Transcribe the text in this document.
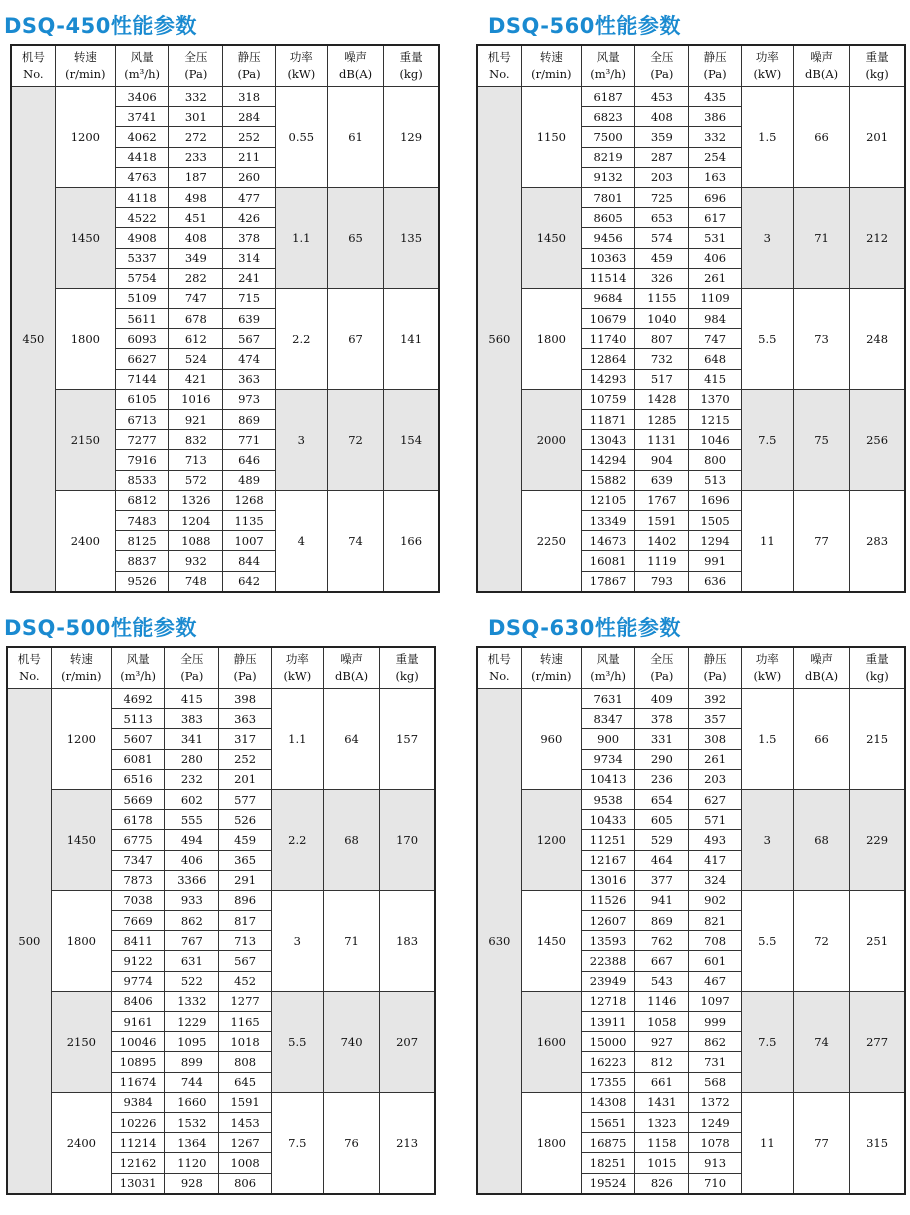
DSQ-450性能参数
机号
No.	转速
(r/min)	风量
(m³/h)	全压
(Pa)	静压
(Pa)	功率
(kW)	噪声
dB(A)	重量
(kg)

450	1200	3406	332	318	0.55	61	129
		3741	301	284			
		4062	272	252			
		4418	233	211			
		4763	187	260			
	1450	4118	498	477	1.1	65	135
		4522	451	426			
		4908	408	378			
		5337	349	314			
		5754	282	241			
	1800	5109	747	715	2.2	67	141
		5611	678	639			
		6093	612	567			
		6627	524	474			
		7144	421	363			
	2150	6105	1016	973	3	72	154
		6713	921	869			
		7277	832	771			
		7916	713	646			
		8533	572	489			
	2400	6812	1326	1268	4	74	166
		7483	1204	1135			
		8125	1088	1007			
		8837	932	844			
		9526	748	642			
DSQ-560性能参数
机号
No.	转速
(r/min)	风量
(m³/h)	全压
(Pa)	静压
(Pa)	功率
(kW)	噪声
dB(A)	重量
(kg)

560	1150	6187	453	435	1.5	66	201
		6823	408	386			
		7500	359	332			
		8219	287	254			
		9132	203	163			
	1450	7801	725	696	3	71	212
		8605	653	617			
		9456	574	531			
		10363	459	406			
		11514	326	261			
	1800	9684	1155	1109	5.5	73	248
		10679	1040	984			
		11740	807	747			
		12864	732	648			
		14293	517	415			
	2000	10759	1428	1370	7.5	75	256
		11871	1285	1215			
		13043	1131	1046			
		14294	904	800			
		15882	639	513			
	2250	12105	1767	1696	11	77	283
		13349	1591	1505			
		14673	1402	1294			
		16081	1119	991			
		17867	793	636			
DSQ-500性能参数
机号
No.	转速
(r/min)	风量
(m³/h)	全压
(Pa)	静压
(Pa)	功率
(kW)	噪声
dB(A)	重量
(kg)

500	1200	4692	415	398	1.1	64	157
		5113	383	363			
		5607	341	317			
		6081	280	252			
		6516	232	201			
	1450	5669	602	577	2.2	68	170
		6178	555	526			
		6775	494	459			
		7347	406	365			
		7873	3366	291			
	1800	7038	933	896	3	71	183
		7669	862	817			
		8411	767	713			
		9122	631	567			
		9774	522	452			
	2150	8406	1332	1277	5.5	740	207
		9161	1229	1165			
		10046	1095	1018			
		10895	899	808			
		11674	744	645			
	2400	9384	1660	1591	7.5	76	213
		10226	1532	1453			
		11214	1364	1267			
		12162	1120	1008			
		13031	928	806			
DSQ-630性能参数
机号
No.	转速
(r/min)	风量
(m³/h)	全压
(Pa)	静压
(Pa)	功率
(kW)	噪声
dB(A)	重量
(kg)

630	960	7631	409	392	1.5	66	215
		8347	378	357			
		900	331	308			
		9734	290	261			
		10413	236	203			
	1200	9538	654	627	3	68	229
		10433	605	571			
		11251	529	493			
		12167	464	417			
		13016	377	324			
	1450	11526	941	902	5.5	72	251
		12607	869	821			
		13593	762	708			
		22388	667	601			
		23949	543	467			
	1600	12718	1146	1097	7.5	74	277
		13911	1058	999			
		15000	927	862			
		16223	812	731			
		17355	661	568			
	1800	14308	1431	1372	11	77	315
		15651	1323	1249			
		16875	1158	1078			
		18251	1015	913			
		19524	826	710			
